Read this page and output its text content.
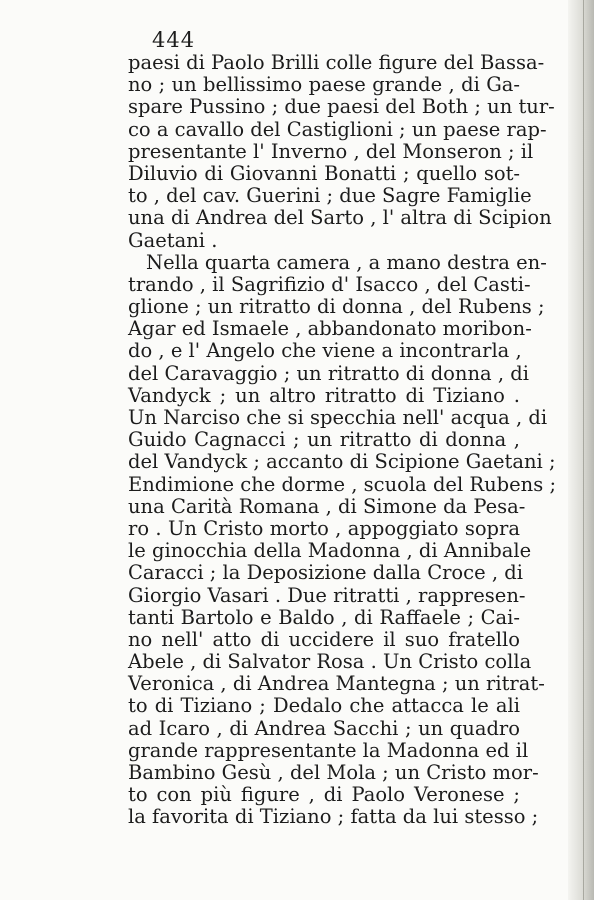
444
paesi di Paolo Brilli colle figure del Bassa-
no ; un bellissimo paese grande , di Ga-
spare Pussino ; due paesi del Both ; un tur-
co a cavallo del Castiglioni ; un paese rap-
presentante l' Inverno , del Monseron ; il
Diluvio di Giovanni Bonatti ; quello sot-
to , del cav. Guerini ; due Sagre Famiglie
una di Andrea del Sarto , l' altra di Scipion
Gaetani .
Nella quarta camera , a mano destra en-
trando , il Sagrifizio d' Isacco , del Casti-
glione ; un ritratto di donna , del Rubens ;
Agar ed Ismaele , abbandonato moribon-
do , e l' Angelo che viene a incontrarla ,
del Caravaggio ; un ritratto di donna , di
Vandyck ; un altro ritratto di Tiziano .
Un Narciso che si specchia nell' acqua , di
Guido Cagnacci ; un ritratto di donna ,
del Vandyck ; accanto di Scipione Gaetani ;
Endimione che dorme , scuola del Rubens ;
una Carità Romana , di Simone da Pesa-
ro . Un Cristo morto , appoggiato sopra
le ginocchia della Madonna , di Annibale
Caracci ; la Deposizione dalla Croce , di
Giorgio Vasari . Due ritratti , rappresen-
tanti Bartolo e Baldo , di Raffaele ; Cai-
no nell' atto di uccidere il suo fratello
Abele , di Salvator Rosa . Un Cristo colla
Veronica , di Andrea Mantegna ; un ritrat-
to di Tiziano ; Dedalo che attacca le ali
ad Icaro , di Andrea Sacchi ; un quadro
grande rappresentante la Madonna ed il
Bambino Gesù , del Mola ; un Cristo mor-
to con più figure , di Paolo Veronese ;
la favorita di Tiziano ; fatta da lui stesso ;
